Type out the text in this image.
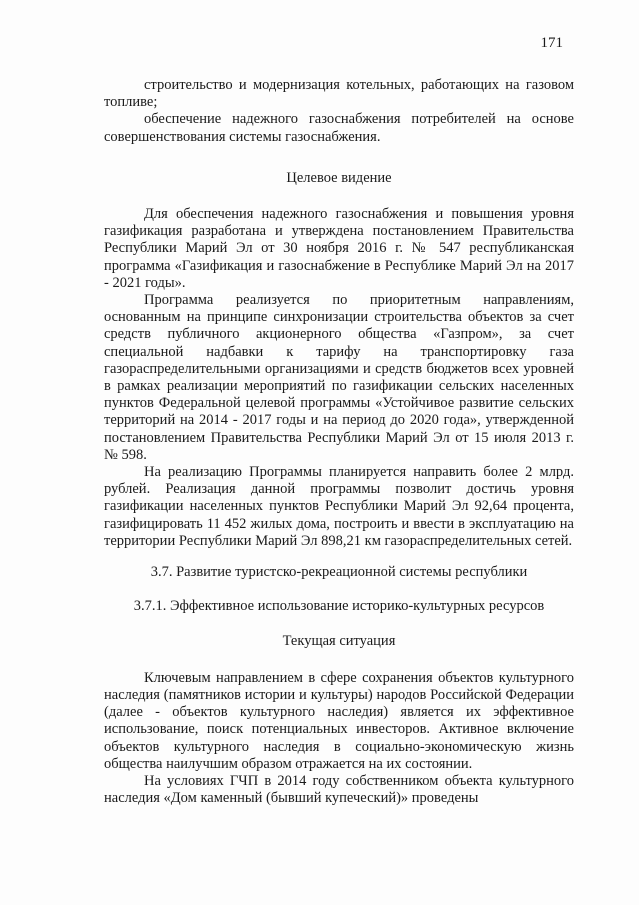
171

строительство и модернизация котельных, работающих на газовом топливе;

обеспечение надежного газоснабжения потребителей на основе совершенствования системы газоснабжения.

Целевое видение

Для обеспечения надежного газоснабжения и повышения уровня газификация разработана и утверждена постановлением Правительства Республики Марий Эл от 30 ноября 2016 г. № 547 республиканская программа «Газификация и газоснабжение в Республике Марий Эл на 2017 - 2021 годы».

Программа реализуется по приоритетным направлениям, основанным на принципе синхронизации строительства объектов за счет средств публичного акционерного общества «Газпром», за счет специальной надбавки к тарифу на транспортировку газа газораспределительными организациями и средств бюджетов всех уровней в рамках реализации мероприятий по газификации сельских населенных пунктов Федеральной целевой программы «Устойчивое развитие сельских территорий на 2014 - 2017 годы и на период до 2020 года», утвержденной постановлением Правительства Республики Марий Эл от 15 июля 2013 г. № 598.

На реализацию Программы планируется направить более 2 млрд. рублей. Реализация данной программы позволит достичь уровня газификации населенных пунктов Республики Марий Эл 92,64 процента, газифицировать 11 452 жилых дома, построить и ввести в эксплуатацию на территории Республики Марий Эл 898,21 км газораспределительных сетей.

3.7. Развитие туристско-рекреационной системы республики

3.7.1. Эффективное использование историко-культурных ресурсов

Текущая ситуация

Ключевым направлением в сфере сохранения объектов культурного наследия (памятников истории и культуры) народов Российской Федерации (далее - объектов культурного наследия) является их эффективное использование, поиск потенциальных инвесторов. Активное включение объектов культурного наследия в социально-экономическую жизнь общества наилучшим образом отражается на их состоянии.

На условиях ГЧП в 2014 году собственником объекта культурного наследия «Дом каменный (бывший купеческий)» проведены
